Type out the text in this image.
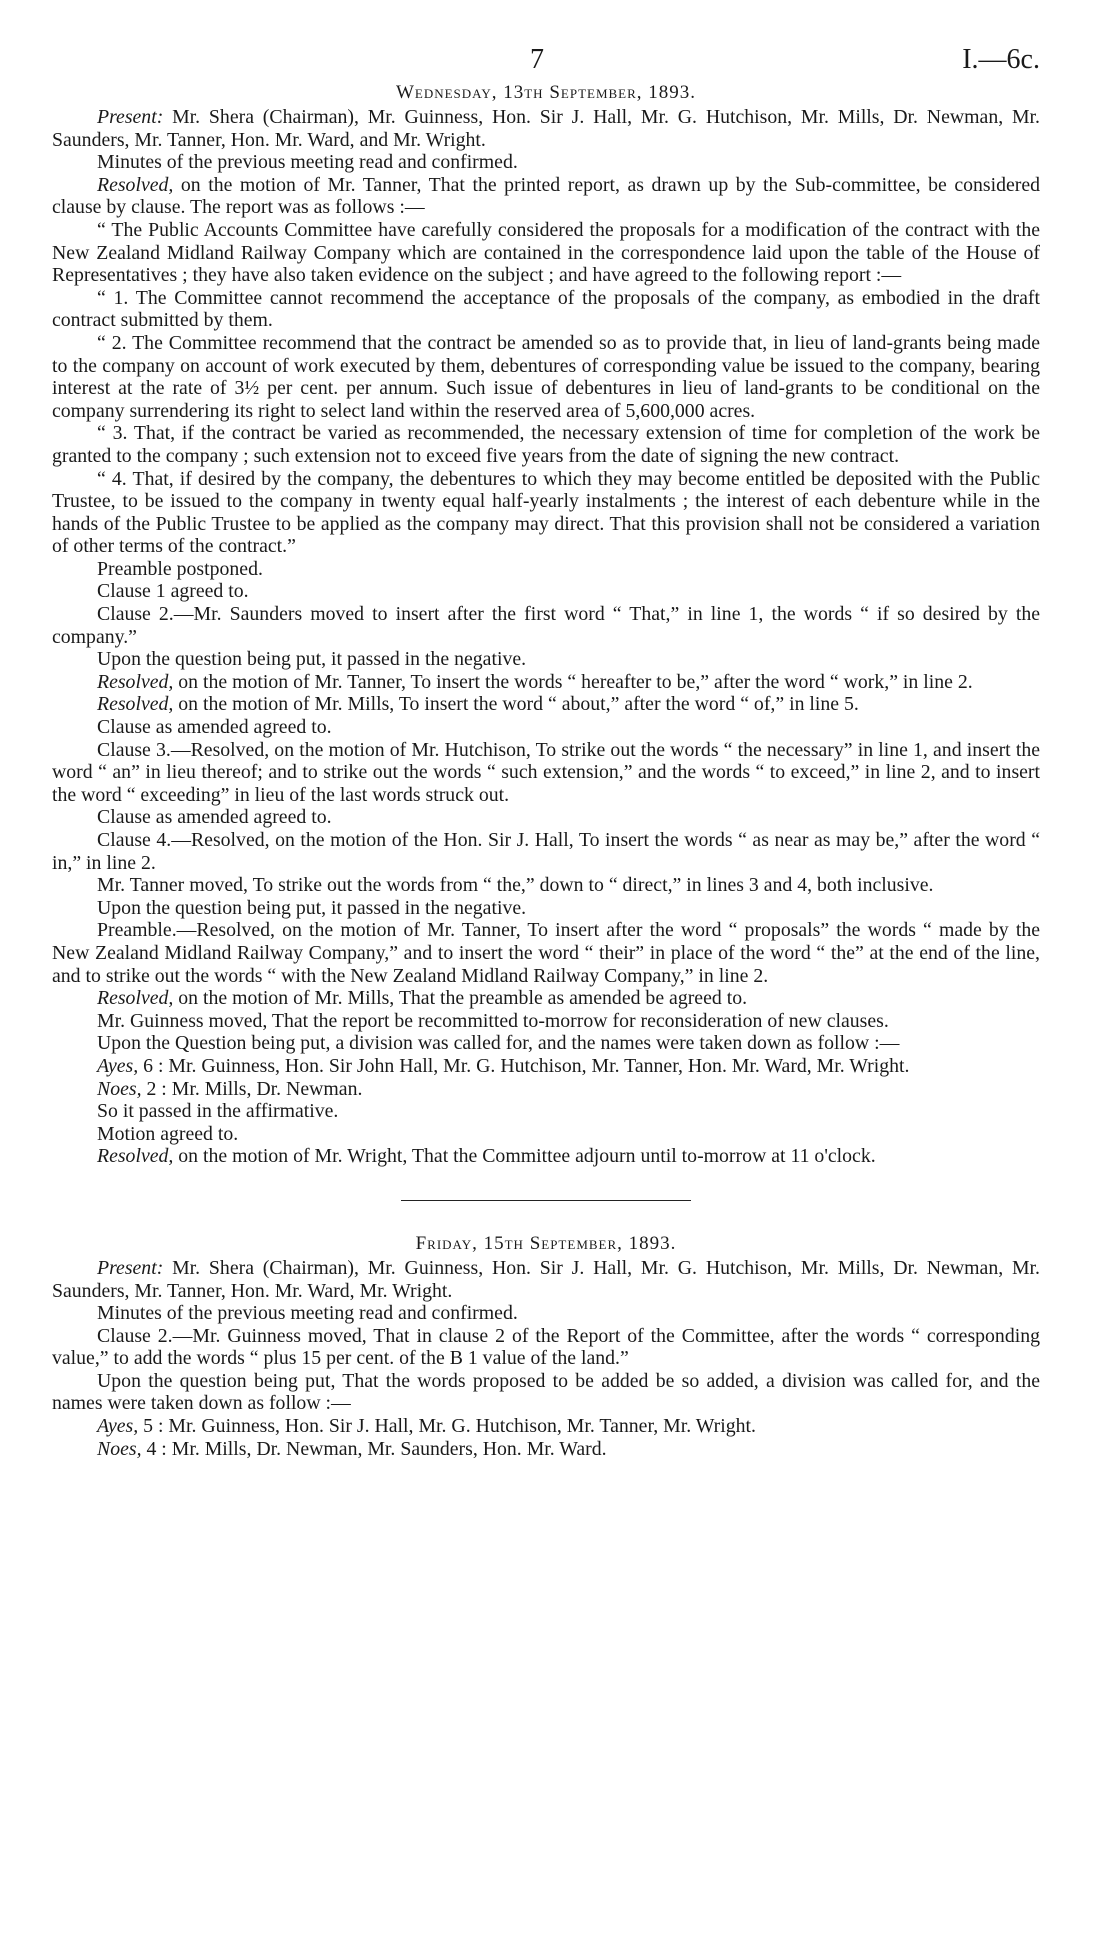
7	I.—6c.

Wednesday, 13th September, 1893.

Present: Mr. Shera (Chairman), Mr. Guinness, Hon. Sir J. Hall, Mr. G. Hutchison, Mr. Mills, Dr. Newman, Mr. Saunders, Mr. Tanner, Hon. Mr. Ward, and Mr. Wright.

Minutes of the previous meeting read and confirmed.

Resolved, on the motion of Mr. Tanner, That the printed report, as drawn up by the Sub-committee, be considered clause by clause. The report was as follows :—

“ The Public Accounts Committee have carefully considered the proposals for a modification of the contract with the New Zealand Midland Railway Company which are contained in the correspondence laid upon the table of the House of Representatives ; they have also taken evidence on the subject ; and have agreed to the following report :—

“ 1. The Committee cannot recommend the acceptance of the proposals of the company, as embodied in the draft contract submitted by them.

“ 2. The Committee recommend that the contract be amended so as to provide that, in lieu of land-grants being made to the company on account of work executed by them, debentures of corresponding value be issued to the company, bearing interest at the rate of 3½ per cent. per annum. Such issue of debentures in lieu of land-grants to be conditional on the company surrendering its right to select land within the reserved area of 5,600,000 acres.

“ 3. That, if the contract be varied as recommended, the necessary extension of time for completion of the work be granted to the company ; such extension not to exceed five years from the date of signing the new contract.

“ 4. That, if desired by the company, the debentures to which they may become entitled be deposited with the Public Trustee, to be issued to the company in twenty equal half-yearly instalments ; the interest of each debenture while in the hands of the Public Trustee to be applied as the company may direct. That this provision shall not be considered a variation of other terms of the contract.”

Preamble postponed.

Clause 1 agreed to.

Clause 2.—Mr. Saunders moved to insert after the first word “ That,” in line 1, the words “ if so desired by the company.”

Upon the question being put, it passed in the negative.

Resolved, on the motion of Mr. Tanner, To insert the words “ hereafter to be,” after the word “ work,” in line 2.

Resolved, on the motion of Mr. Mills, To insert the word “ about,” after the word “ of,” in line 5.

Clause as amended agreed to.

Clause 3.—Resolved, on the motion of Mr. Hutchison, To strike out the words “ the necessary” in line 1, and insert the word “ an” in lieu thereof; and to strike out the words “ such extension,” and the words “ to exceed,” in line 2, and to insert the word “ exceeding” in lieu of the last words struck out.

Clause as amended agreed to.

Clause 4.—Resolved, on the motion of the Hon. Sir J. Hall, To insert the words “ as near as may be,” after the word “ in,” in line 2.

Mr. Tanner moved, To strike out the words from “ the,” down to “ direct,” in lines 3 and 4, both inclusive.

Upon the question being put, it passed in the negative.

Preamble.—Resolved, on the motion of Mr. Tanner, To insert after the word “ proposals” the words “ made by the New Zealand Midland Railway Company,” and to insert the word “ their” in place of the word “ the” at the end of the line, and to strike out the words “ with the New Zealand Midland Railway Company,” in line 2.

Resolved, on the motion of Mr. Mills, That the preamble as amended be agreed to.

Mr. Guinness moved, That the report be recommitted to-morrow for reconsideration of new clauses.

Upon the Question being put, a division was called for, and the names were taken down as follow :—

Ayes, 6 : Mr. Guinness, Hon. Sir John Hall, Mr. G. Hutchison, Mr. Tanner, Hon. Mr. Ward, Mr. Wright.

Noes, 2 : Mr. Mills, Dr. Newman.

So it passed in the affirmative.

Motion agreed to.

Resolved, on the motion of Mr. Wright, That the Committee adjourn until to-morrow at 11 o'clock.

Friday, 15th September, 1893.

Present: Mr. Shera (Chairman), Mr. Guinness, Hon. Sir J. Hall, Mr. G. Hutchison, Mr. Mills, Dr. Newman, Mr. Saunders, Mr. Tanner, Hon. Mr. Ward, Mr. Wright.

Minutes of the previous meeting read and confirmed.

Clause 2.—Mr. Guinness moved, That in clause 2 of the Report of the Committee, after the words “ corresponding value,” to add the words “ plus 15 per cent. of the B 1 value of the land.”

Upon the question being put, That the words proposed to be added be so added, a division was called for, and the names were taken down as follow :—

Ayes, 5 : Mr. Guinness, Hon. Sir J. Hall, Mr. G. Hutchison, Mr. Tanner, Mr. Wright.

Noes, 4 : Mr. Mills, Dr. Newman, Mr. Saunders, Hon. Mr. Ward.
